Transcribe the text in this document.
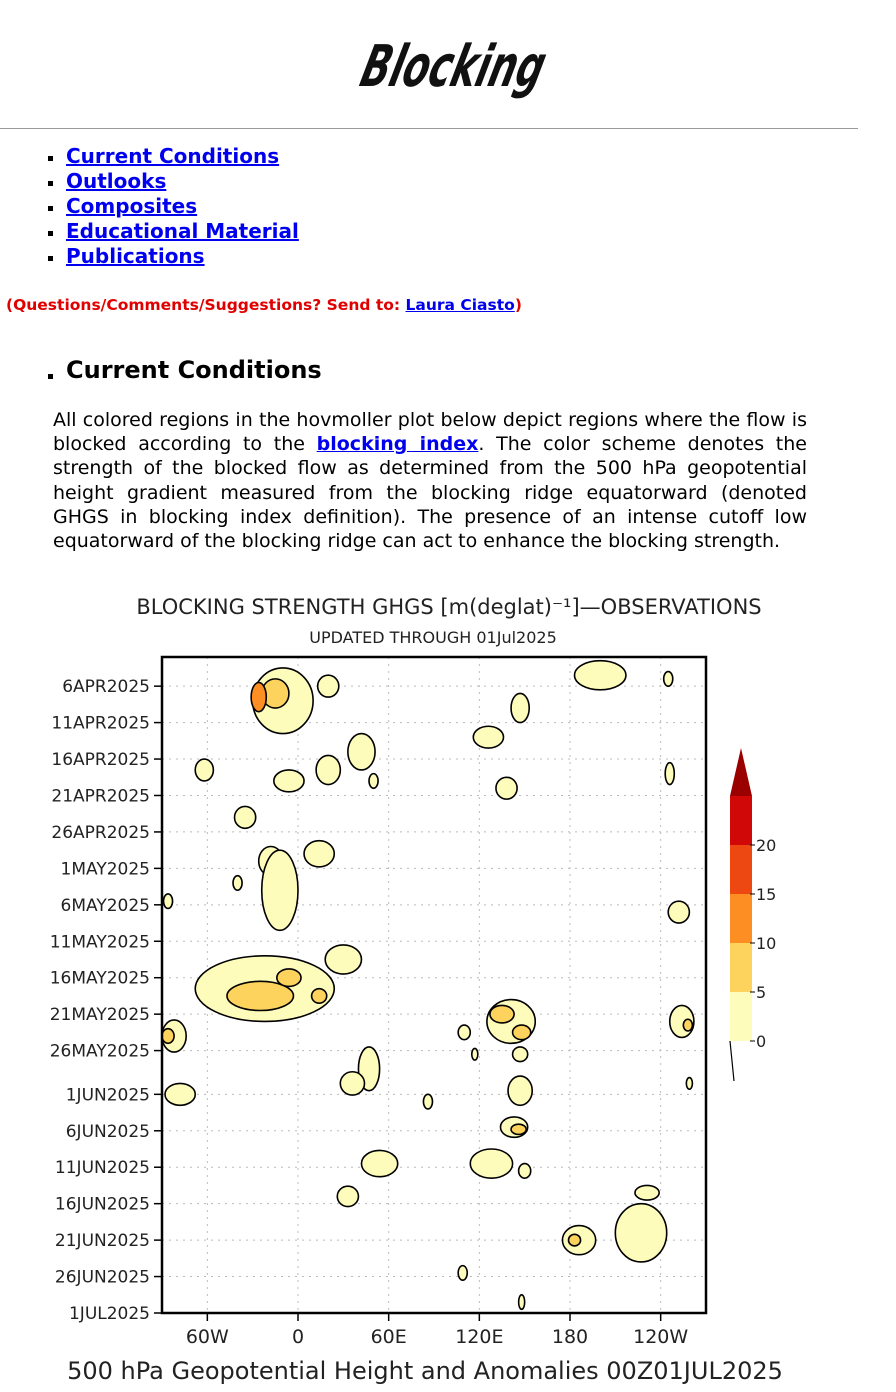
Blocking
Current Conditions
Outlooks
Composites
Educational Material
Publications
(Questions/Comments/Suggestions? Send to: Laura Ciasto)
Current Conditions
All colored regions in the hovmoller plot below depict regions where the flow is blocked according to the blocking index. The color scheme denotes the strength of the blocked flow as determined from the 500 hPa geopotential height gradient measured from the blocking ridge equatorward (denoted GHGS in blocking index definition). The presence of an intense cutoff low equatorward of the blocking ridge can act to enhance the blocking strength.
BLOCKING STRENGTH GHGS [m(deglat)⁻¹]—OBSERVATIONS
UPDATED THROUGH 01Jul2025
6APR2025
11APR2025
16APR2025
21APR2025
26APR2025
1MAY2025
6MAY2025
11MAY2025
16MAY2025
21MAY2025
26MAY2025
1JUN2025
6JUN2025
11JUN2025
16JUN2025
21JUN2025
26JUN2025
1JUL2025
60W	0	60E	120E	180 120W
0
5
10
15
20
500 hPa Geopotential Height and Anomalies 00Z01JUL2025
